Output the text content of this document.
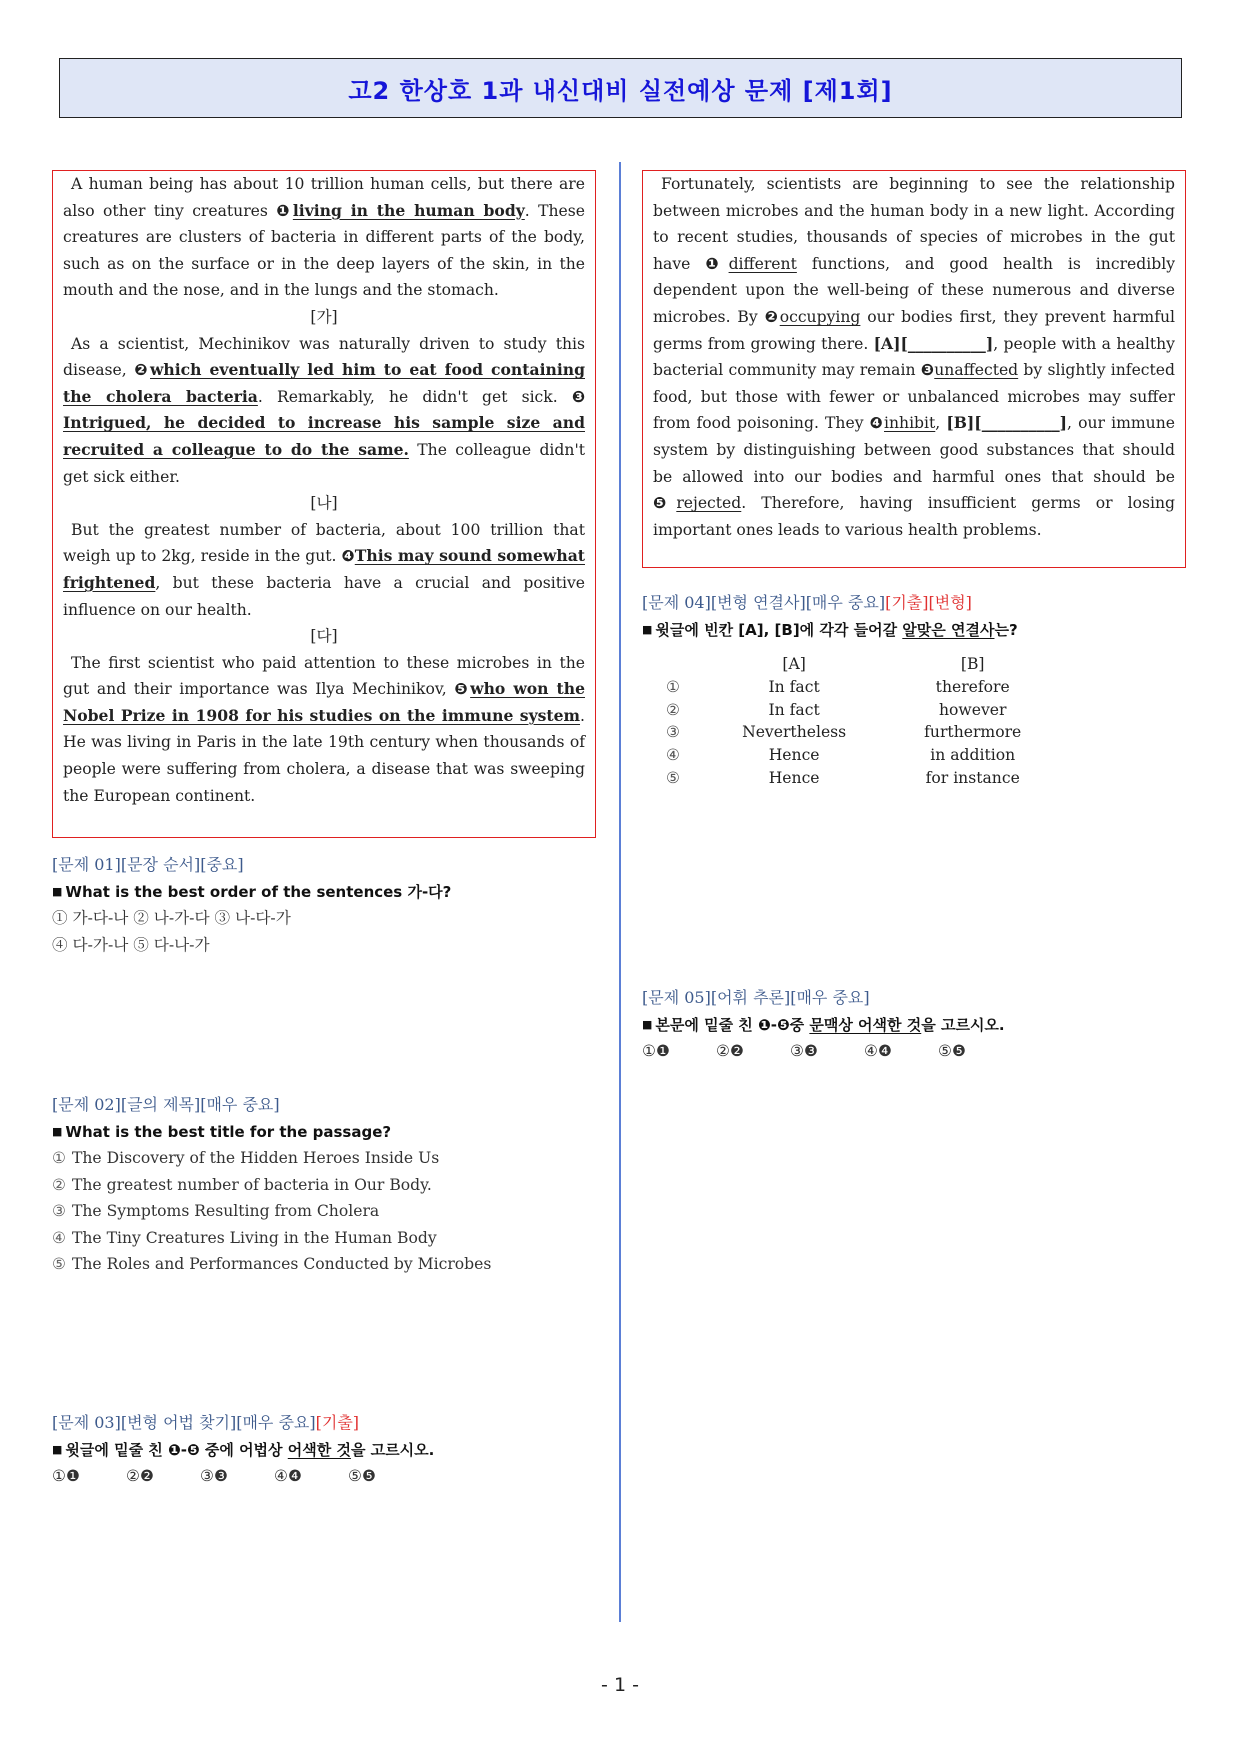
고2 한상호 1과 내신대비 실전예상 문제 [제1회]

A human being has about 10 trillion human cells, but there are also other tiny creatures ❶living in the human body. These creatures are clusters of bacteria in different parts of the body, such as on the surface or in the deep layers of the skin, in the mouth and the nose, and in the lungs and the stomach.

[가]

As a scientist, Mechinikov was naturally driven to study this disease, ❷which eventually led him to eat food containing the cholera bacteria. Remarkably, he didn't get sick. ❸ Intrigued, he decided to increase his sample size and recruited a colleague to do the same. The colleague didn't get sick either.

[나]

But the greatest number of bacteria, about 100 trillion that weigh up to 2kg, reside in the gut. ❹This may sound somewhat frightened, but these bacteria have a crucial and positive influence on our health.

[다]

The first scientist who paid attention to these microbes in the gut and their importance was Ilya Mechinikov, ❺who won the Nobel Prize in 1908 for his studies on the immune system. He was living in Paris in the late 19th century when thousands of people were suffering from cholera, a disease that was sweeping the European continent.

[문제 01][문장 순서][중요]
■ What is the best order of the sentences 가-다?
① 가-다-나 ② 나-가-다 ③ 나-다-가
④ 다-가-나 ⑤ 다-나-가
[문제 02][글의 제목][매우 중요]
■ What is the best title for the passage?
① The Discovery of the Hidden Heroes Inside Us
② The greatest number of bacteria in Our Body.
③ The Symptoms Resulting from Cholera
④ The Tiny Creatures Living in the Human Body
⑤ The Roles and Performances Conducted by Microbes
[문제 03][변형 어법 찾기][매우 중요][기출]
■ 윗글에 밑줄 친 ❶-❺ 중에 어법상 어색한 것을 고르시오.
①❶	②❷	③❸	④❹	⑤❺

Fortunately, scientists are beginning to see the relationship between microbes and the human body in a new light. According to recent studies, thousands of species of microbes in the gut have ❶different functions, and good health is incredibly dependent upon the well-being of these numerous and diverse microbes. By ❷occupying our bodies first, they prevent harmful germs from growing there. [A][__________], people with a healthy bacterial community may remain ❸unaffected by slightly infected food, but those with fewer or unbalanced microbes may suffer from food poisoning. They ❹inhibit, [B][__________], our immune system by distinguishing between good substances that should be allowed into our bodies and harmful ones that should be ❺rejected. Therefore, having insufficient germs or losing important ones leads to various health problems.

[문제 04][변형 연결사][매우 중요][기출][변형]
■ 윗글에 빈칸 [A], [B]에 각각 들어갈 알맞은 연결사는?
[A]	[B]
①	In fact	therefore
②	In fact	however
③	Nevertheless	furthermore
④	Hence	in addition
⑤	Hence	for instance
[문제 05][어휘 추론][매우 중요]
■ 본문에 밑줄 친 ❶-❺중 문맥상 어색한 것을 고르시오.
①❶	②❷	③❸	④❹	⑤❺
- 1 -
